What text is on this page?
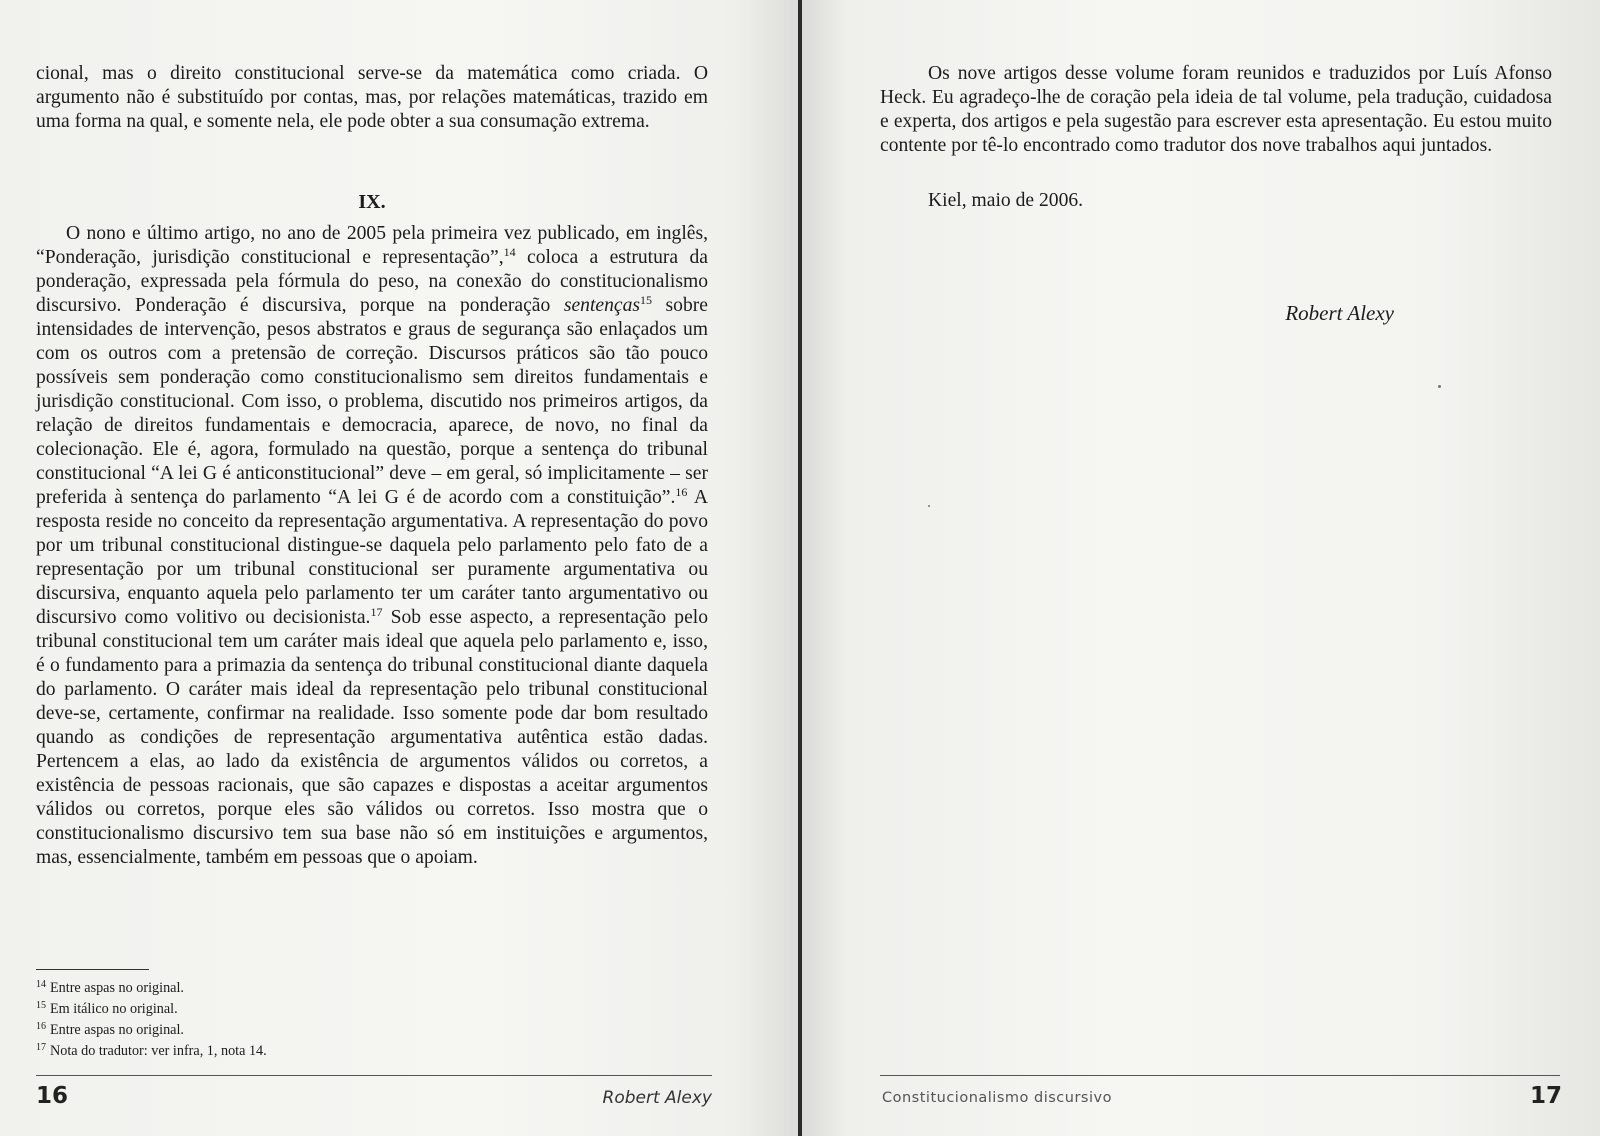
cional, mas o direito constitucional serve-se da matemática como criada. O argumento não é substituído por contas, mas, por relações matemáticas, trazido em uma forma na qual, e somente nela, ele pode obter a sua consumação extrema.

IX.

O nono e último artigo, no ano de 2005 pela primeira vez publicado, em inglês, “Ponderação, jurisdição constitucional e representação”,$^{14}$ coloca a estrutura da ponderação, expressada pela fórmula do peso, na conexão do constitucionalismo discursivo. Ponderação é discursiva, porque na ponderação sentenças$^{15}$ sobre intensidades de intervenção, pesos abstratos e graus de segurança são enlaçados um com os outros com a pretensão de correção. Discursos práticos são tão pouco possíveis sem ponderação como constitucionalismo sem direitos fundamentais e jurisdição constitucional. Com isso, o problema, discutido nos primeiros artigos, da relação de direitos fundamentais e democracia, aparece, de novo, no final da colecionação. Ele é, agora, formulado na questão, porque a sentença do tribunal constitucional “A lei G é anticonstitucional” deve – em geral, só implicitamente – ser preferida à sentença do parlamento “A lei G é de acordo com a constituição”.$^{16}$ A resposta reside no conceito da representação argumentativa. A representação do povo por um tribunal constitucional distingue-se daquela pelo parlamento pelo fato de a representação por um tribunal constitucional ser puramente argumentativa ou discursiva, enquanto aquela pelo parlamento ter um caráter tanto argumentativo ou discursivo como volitivo ou decisionista.$^{17}$ Sob esse aspecto, a representação pelo tribunal constitucional tem um caráter mais ideal que aquela pelo parlamento e, isso, é o fundamento para a primazia da sentença do tribunal constitucional diante daquela do parlamento. O caráter mais ideal da representação pelo tribunal constitucional deve-se, certamente, confirmar na realidade. Isso somente pode dar bom resultado quando as condições de representação argumentativa autêntica estão dadas. Pertencem a elas, ao lado da existência de argumentos válidos ou corretos, a existência de pessoas racionais, que são capazes e dispostas a aceitar argumentos válidos ou corretos, porque eles são válidos ou corretos. Isso mostra que o constitucionalismo discursivo tem sua base não só em instituições e argumentos, mas, essencialmente, também em pessoas que o apoiam.

$^{14}$ Entre aspas no original.

$^{15}$ Em itálico no original.

$^{16}$ Entre aspas no original.

$^{17}$ Nota do tradutor: ver infra, 1, nota 14.

16	Robert Alexy

Os nove artigos desse volume foram reunidos e traduzidos por Luís Afonso Heck. Eu agradeço-lhe de coração pela ideia de tal volume, pela tradução, cuidadosa e experta, dos artigos e pela sugestão para escrever esta apresentação. Eu estou muito contente por tê-lo encontrado como tradutor dos nove trabalhos aqui juntados.

Kiel, maio de 2006.
Robert Alexy
Constitucionalismo discursivo	17
